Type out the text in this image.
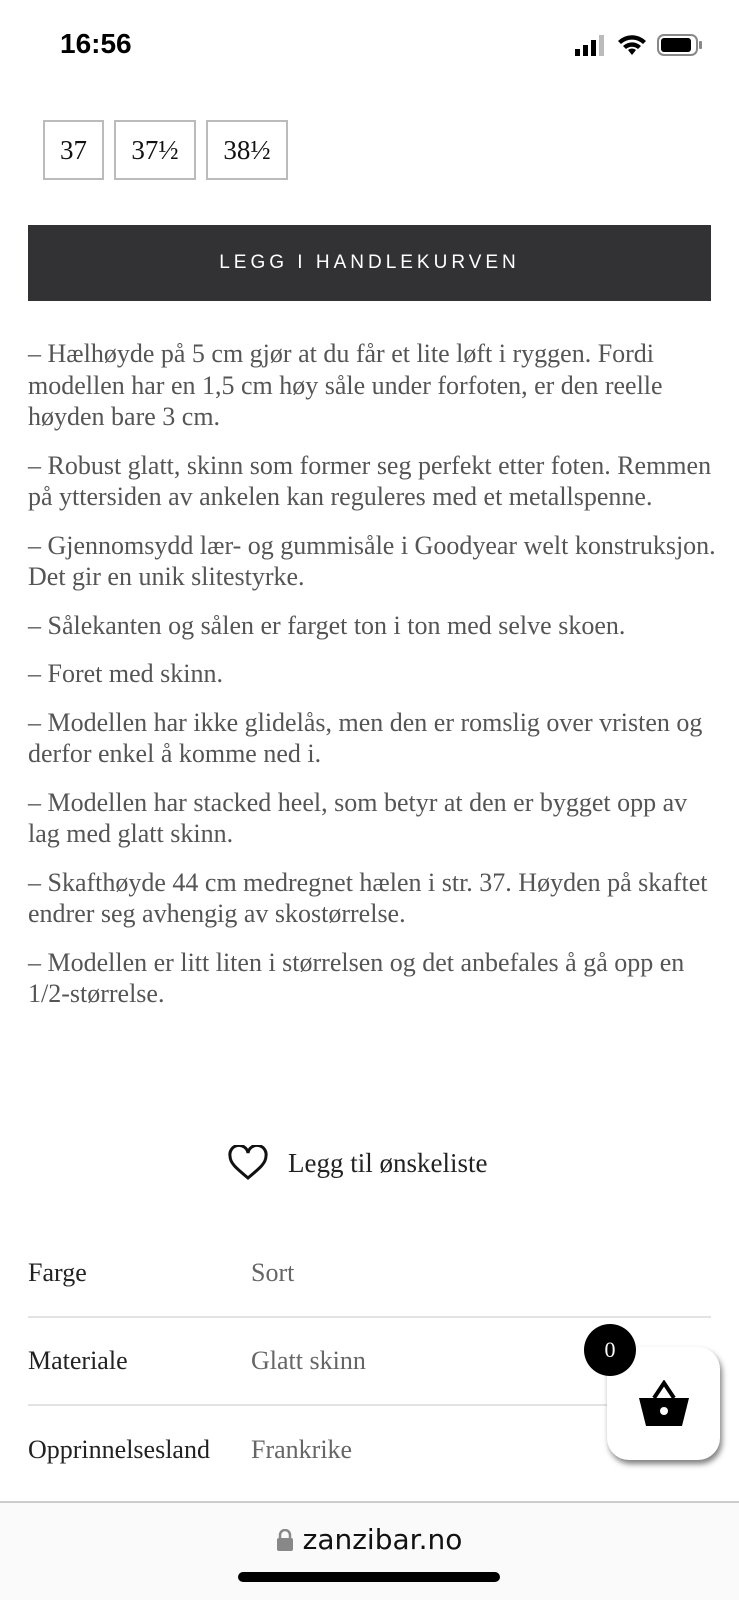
16:56
37	37½	38½
LEGG I HANDLEKURVEN

– Hælhøyde på 5 cm gjør at du får et lite løft i ryggen. Fordi modellen har en 1,5 cm høy såle under forfoten, er den reelle høyden bare 3 cm.

– Robust glatt, skinn som former seg perfekt etter foten. Remmen på yttersiden av ankelen kan reguleres med et metallspenne.

– Gjennomsydd lær- og gummisåle i Goodyear welt konstruksjon. Det gir en unik slitestyrke.

– Sålekanten og sålen er farget ton i ton med selve skoen.

– Foret med skinn.

– Modellen har ikke glidelås, men den er romslig over vristen og derfor enkel å komme ned i.

– Modellen har stacked heel, som betyr at den er bygget opp av lag med glatt skinn.

– Skafthøyde 44 cm medregnet hælen i str. 37. Høyden på skaftet endrer seg avhengig av skostørrelse.

– Modellen er litt liten i størrelsen og det anbefales å gå opp en 1/2-størrelse.

Legg til ønskeliste
Farge	Sort
Materiale	Glatt skinn
Opprinnelsesland	Frankrike
0
zanzibar.no
